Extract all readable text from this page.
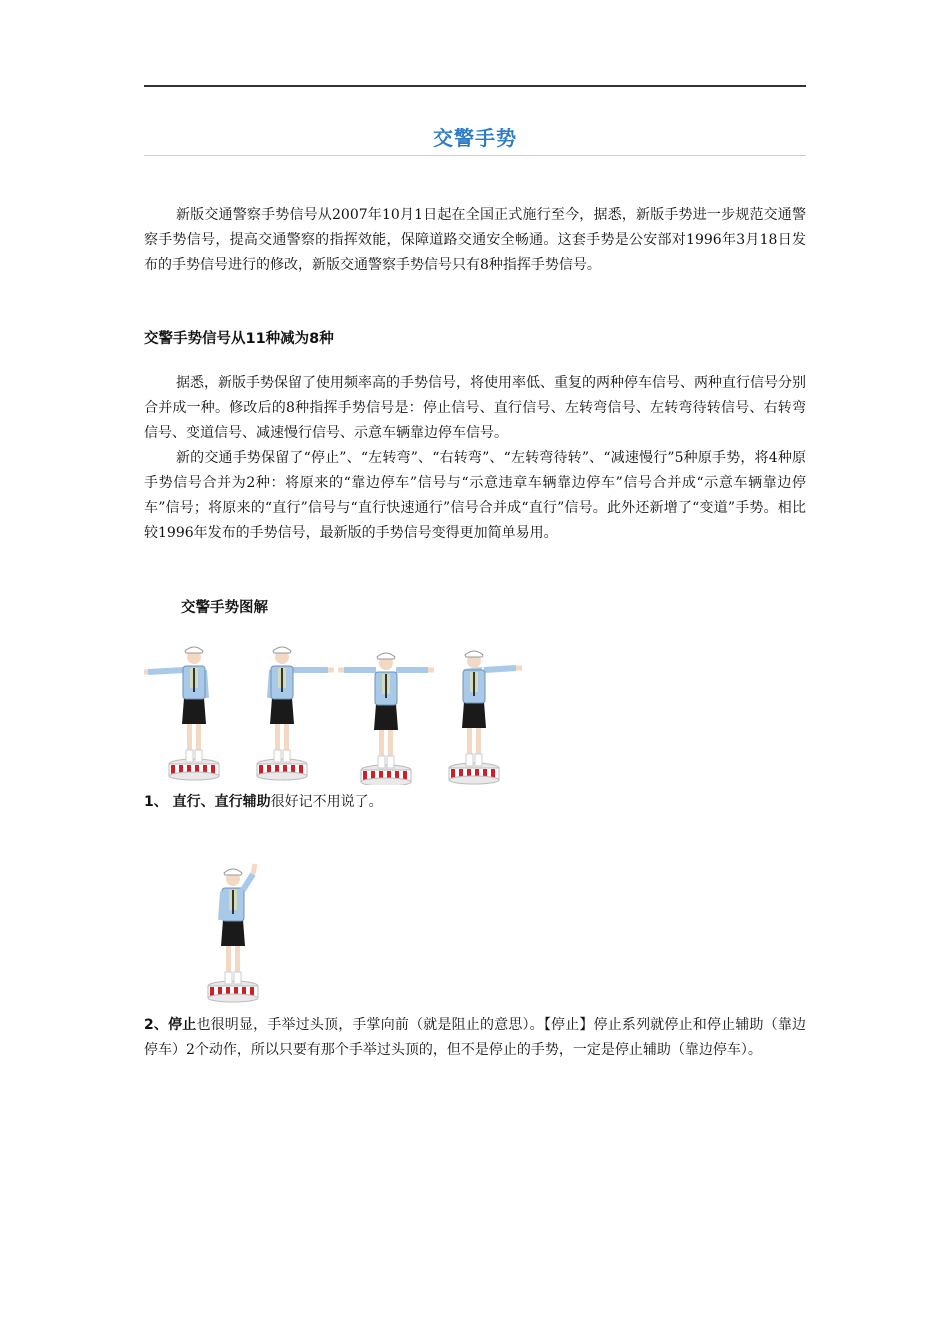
交警手势

新版交通警察手势信号从2007年10月1日起在全国正式施行至今，据悉，新版手势进一步规范交通警察手势信号，提高交通警察的指挥效能，保障道路交通安全畅通。这套手势是公安部对1996年3月18日发布的手势信号进行的修改，新版交通警察手势信号只有8种指挥手势信号。

交警手势信号从11种减为8种

据悉，新版手势保留了使用频率高的手势信号，将使用率低、重复的两种停车信号、两种直行信号分别合并成一种。修改后的8种指挥手势信号是：停止信号、直行信号、左转弯信号、左转弯待转信号、右转弯信号、变道信号、减速慢行信号、示意车辆靠边停车信号。

新的交通手势保留了“停止”、“左转弯”、“右转弯”、“左转弯待转”、“减速慢行”5种原手势，将4种原手势信号合并为2种：将原来的“靠边停车”信号与“示意违章车辆靠边停车”信号合并成“示意车辆靠边停车”信号；将原来的“直行”信号与“直行快速通行”信号合并成“直行”信号。此外还新增了“变道”手势。相比较1996年发布的手势信号，最新版的手势信号变得更加简单易用。

交警手势图解

1、 直行、直行辅助很好记不用说了。

2、停止也很明显，手举过头顶，手掌向前（就是阻止的意思）。【停止】停止系列就停止和停止辅助（靠边停车）2个动作，所以只要有那个手举过头顶的，但不是停止的手势，一定是停止辅助（靠边停车）。
